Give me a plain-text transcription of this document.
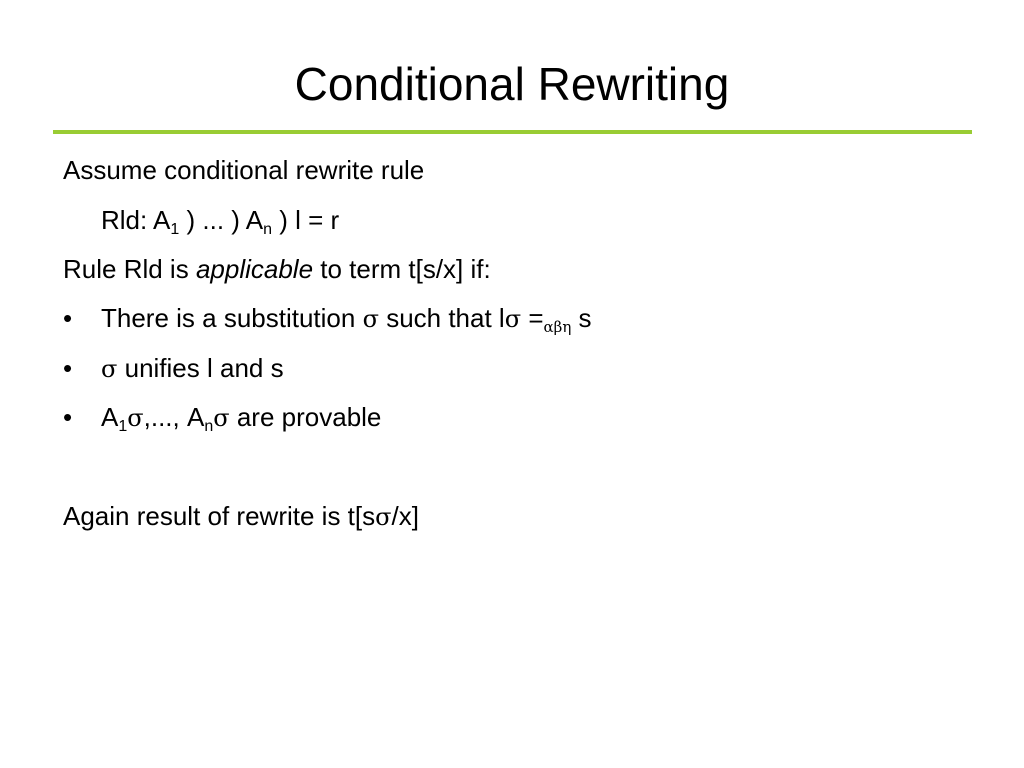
Conditional Rewriting
Assume conditional rewrite rule
Rld: $A_1$ ) ... ) $A_n$ ) l = r
Rule Rld is applicable to term t[s/x] if:
• There is a substitution σ such that lσ =αβη s
• σ unifies l and s
• $A_1\sigma$,..., $A_n\sigma$ are provable
Again result of rewrite is t[sσ/x]
